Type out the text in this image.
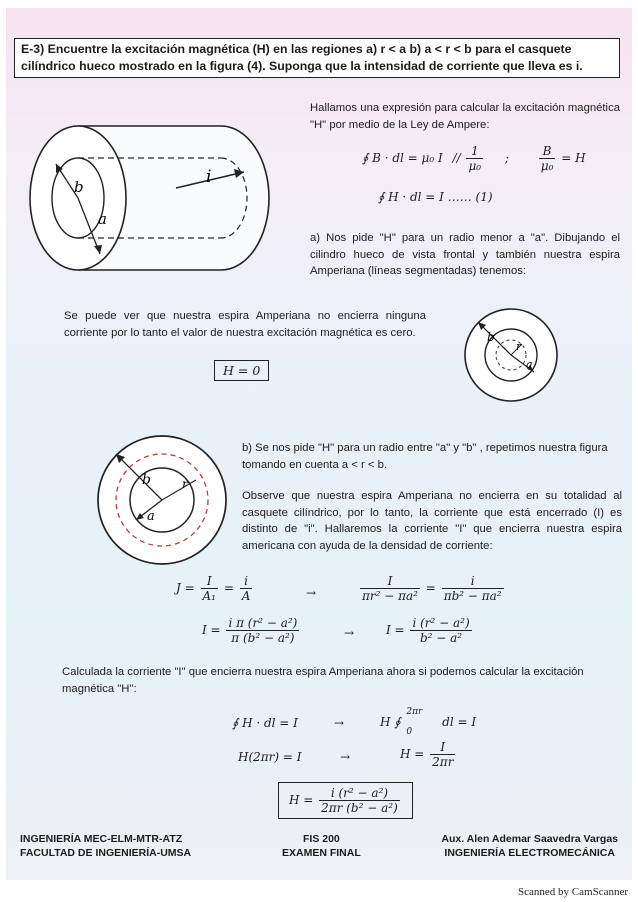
E-3) Encuentre la excitación magnética (H) en las regiones a) r < a b) a < r < b para el casquete
cilíndrico hueco mostrado en la figura (4). Suponga que la intensidad de corriente que lleva es i.
b
a
i
Hallamos una expresión para calcular la excitación magnética "H" por medio de la Ley de Ampere:
∮ B · dl = μ₀ I // $\frac{1}{\text{μ₀}}$ ; $\frac{B}{\text{μ₀}} = H$
∮ H · dl = I …… (1)
a) Nos pide "H" para un radio menor a "a". Dibujando el cilindro hueco de vista frontal y también nuestra espira Amperiana (líneas segmentadas) tenemos:
Se puede ver que nuestra espira Amperiana no encierra ninguna corriente por lo tanto el valor de nuestra excitación magnética es cero.
H = 0
b
r
a
b	r
a
b) Se nos pide "H" para un radio entre "a" y "b" , repetimos nuestra figura tomando en cuenta a < r < b.
Observe que nuestra espira Amperiana no encierra en su totalidad al casquete cilíndrico, por lo tanto, la corriente que está encerrado (I) es distinto de "i". Hallaremos la corriente "I" que encierra nuestra espira americana con ayuda de la densidad de corriente:
$J = \frac{I}{\text{A₁}} = \frac{i}{A}$	→	$\frac{I}{\text{πr² − πa²}} = \frac{i}{\text{πb² − πa²}}$
$I = \frac{\text{i π (r² − a²)}}{\text{π (b² − a²)}}$	→	$I = \frac{\text{i (r² − a²)}}{\text{b² − a²}}$
Calculada la corriente "I" que encierra nuestra espira Amperiana ahora si podemos calcular la excitación magnética "H":
∮ H · dl = I	→	H ∮
2πr
0
dl = I
H(2πr) = I	→	$H = \frac{I}{2\pi r}$
$H = \frac{\text{i (r² − a²)}}{\text{2πr (b² − a²)}}$
INGENIERÍA MEC-ELM-MTR-ATZ
FACULTAD DE INGENIERÍA-UMSA
FIS 200
EXAMEN FINAL
Aux. Alen Ademar Saavedra Vargas
INGENIERÍA ELECTROMECÁNICA
Scanned by CamScanner
